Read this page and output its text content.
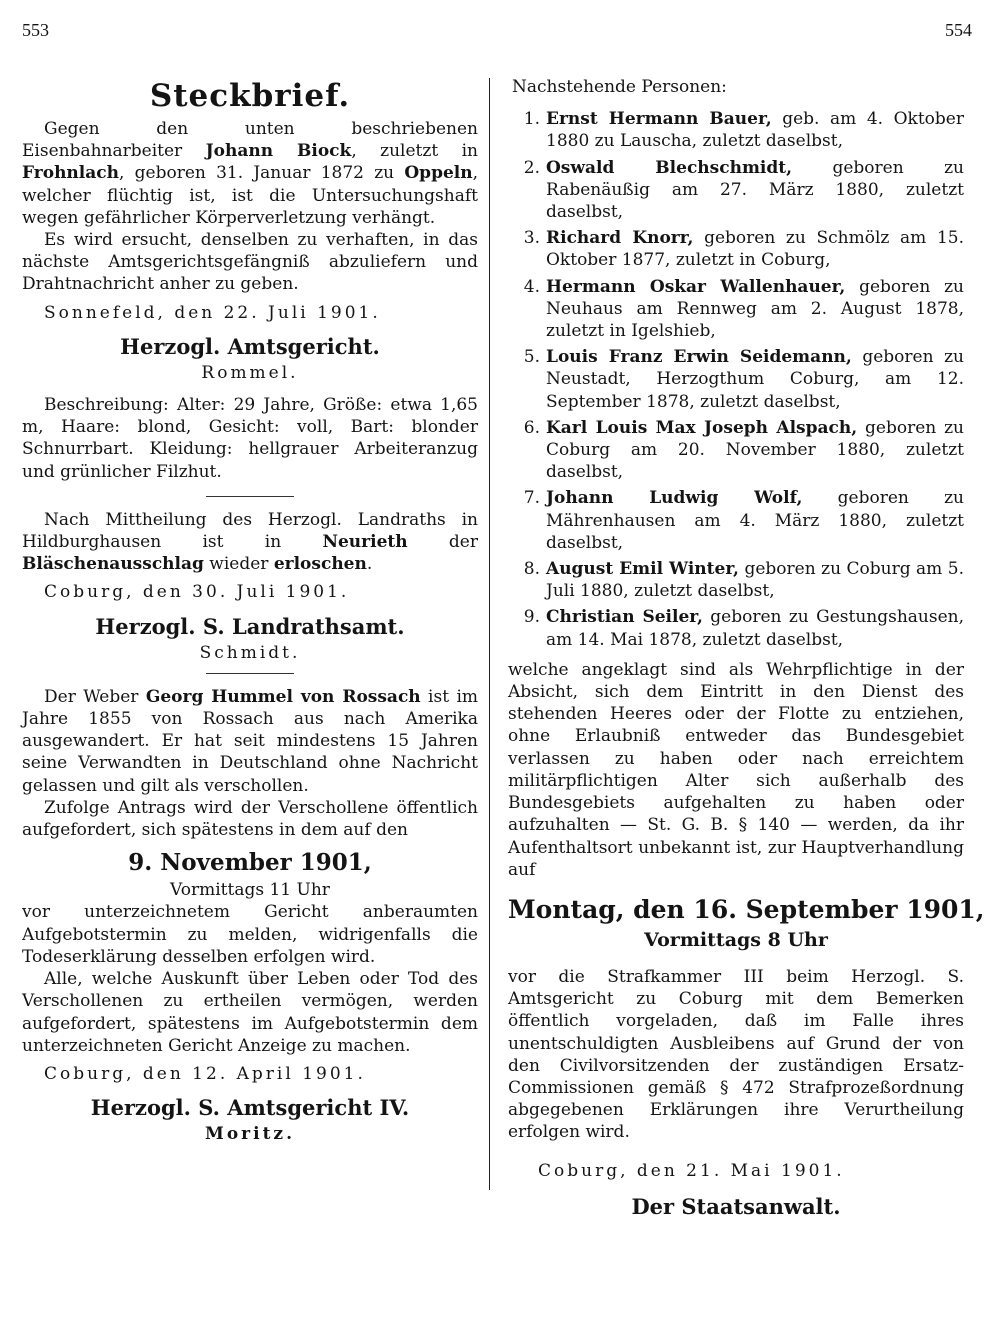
553	554
Steckbrief.

Gegen den unten beschriebenen Eisenbahnarbeiter Johann Biock, zuletzt in Frohnlach, geboren 31. Januar 1872 zu Oppeln, welcher flüchtig ist, ist die Untersuchungshaft wegen gefährlicher Körperverletzung verhängt.

Es wird ersucht, denselben zu verhaften, in das nächste Amtsgerichtsgefängniß abzuliefern und Drahtnachricht anher zu geben.

Sonnefeld, den 22. Juli 1901.

Herzogl. Amtsgericht.
Rommel.

Beschreibung: Alter: 29 Jahre, Größe: etwa 1,65 m, Haare: blond, Gesicht: voll, Bart: blonder Schnurrbart. Kleidung: hellgrauer Arbeiteranzug und grünlicher Filzhut.

Nach Mittheilung des Herzogl. Landraths in Hildburghausen ist in Neurieth der Bläschenausschlag wieder erloschen.

Coburg, den 30. Juli 1901.

Herzogl. S. Landrathsamt.
Schmidt.

Der Weber Georg Hummel von Rossach ist im Jahre 1855 von Rossach aus nach Amerika ausgewandert. Er hat seit mindestens 15 Jahren seine Verwandten in Deutschland ohne Nachricht gelassen und gilt als verschollen.

Zufolge Antrags wird der Verschollene öffentlich aufgefordert, sich spätestens in dem auf den

9. November 1901,
Vormittags 11 Uhr

vor unterzeichnetem Gericht anberaumten Aufgebotstermin zu melden, widrigenfalls die Todeserklärung desselben erfolgen wird.

Alle, welche Auskunft über Leben oder Tod des Verschollenen zu ertheilen vermögen, werden aufgefordert, spätestens im Aufgebotstermin dem unterzeichneten Gericht Anzeige zu machen.

Coburg, den 12. April 1901.

Herzogl. S. Amtsgericht IV.
Moritz.

Nachstehende Personen:

1. Ernst Hermann Bauer, geb. am 4. Oktober 1880 zu Lauscha, zuletzt daselbst,
2. Oswald Blechschmidt, geboren zu Rabenäußig am 27. März 1880, zuletzt daselbst,
3. Richard Knorr, geboren zu Schmölz am 15. Oktober 1877, zuletzt in Coburg,
4. Hermann Oskar Wallenhauer, geboren zu Neuhaus am Rennweg am 2. August 1878, zuletzt in Igelshieb,
5. Louis Franz Erwin Seidemann, geboren zu Neustadt, Herzogthum Coburg, am 12. September 1878, zuletzt daselbst,
6. Karl Louis Max Joseph Alspach, geboren zu Coburg am 20. November 1880, zuletzt daselbst,
7. Johann Ludwig Wolf, geboren zu Mährenhausen am 4. März 1880, zuletzt daselbst,
8. August Emil Winter, geboren zu Coburg am 5. Juli 1880, zuletzt daselbst,
9. Christian Seiler, geboren zu Gestungshausen, am 14. Mai 1878, zuletzt daselbst,

welche angeklagt sind als Wehrpflichtige in der Absicht, sich dem Eintritt in den Dienst des stehenden Heeres oder der Flotte zu entziehen, ohne Erlaubniß entweder das Bundesgebiet verlassen zu haben oder nach erreichtem militärpflichtigen Alter sich außerhalb des Bundesgebiets aufgehalten zu haben oder aufzuhalten — St. G. B. § 140 — werden, da ihr Aufenthaltsort unbekannt ist, zur Hauptverhandlung auf

Montag, den 16. September 1901,
Vormittags 8 Uhr

vor die Strafkammer III beim Herzogl. S. Amtsgericht zu Coburg mit dem Bemerken öffentlich vorgeladen, daß im Falle ihres unentschuldigten Ausbleibens auf Grund der von den Civilvorsitzenden der zuständigen Ersatz-Commissionen gemäß § 472 Strafprozeßordnung abgegebenen Erklärungen ihre Verurtheilung erfolgen wird.

Coburg, den 21. Mai 1901.

Der Staatsanwalt.
